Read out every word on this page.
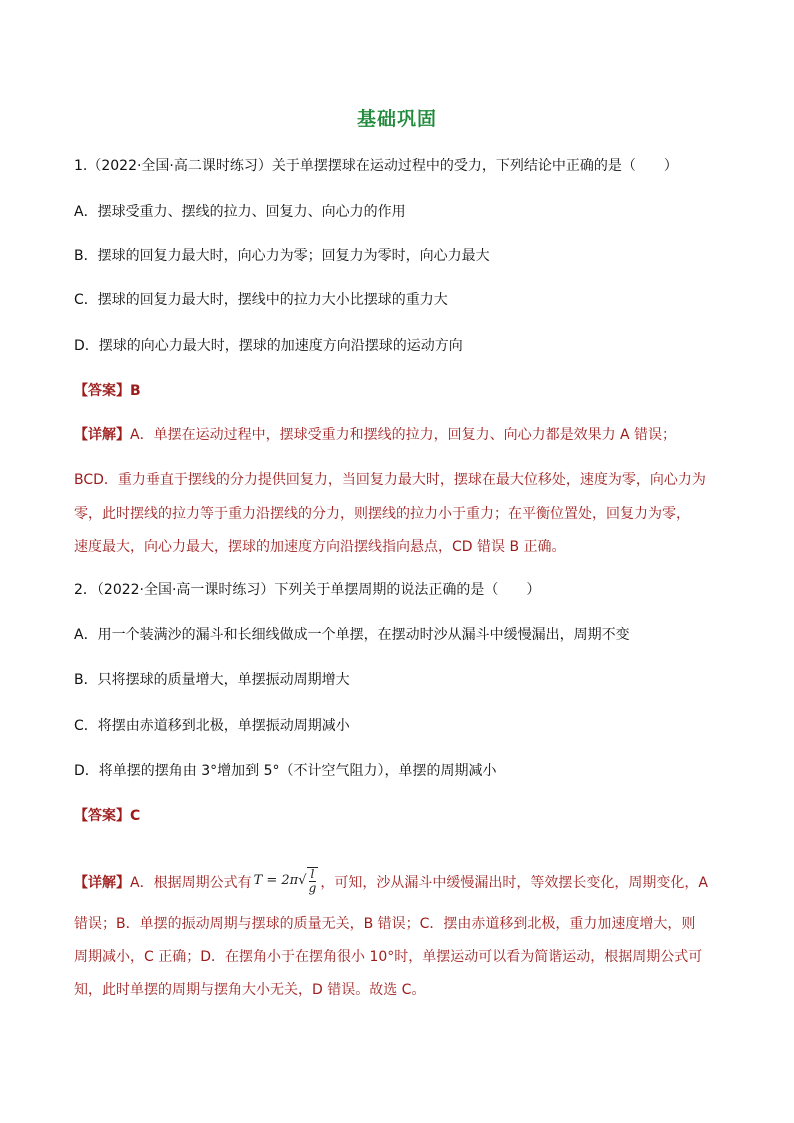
基础巩固
1.（2022·全国·高二课时练习）关于单摆摆球在运动过程中的受力，下列结论中正确的是（　　）
A．摆球受重力、摆线的拉力、回复力、向心力的作用
B．摆球的回复力最大时，向心力为零；回复力为零时，向心力最大
C．摆球的回复力最大时，摆线中的拉力大小比摆球的重力大
D．摆球的向心力最大时，摆球的加速度方向沿摆球的运动方向
【答案】B
【详解】A．单摆在运动过程中，摆球受重力和摆线的拉力，回复力、向心力都是效果力 A 错误；
BCD．重力垂直于摆线的分力提供回复力，当回复力最大时，摆球在最大位移处，速度为零，向心力为
零，此时摆线的拉力等于重力沿摆线的分力，则摆线的拉力小于重力；在平衡位置处，回复力为零，
速度最大，向心力最大，摆球的加速度方向沿摆线指向悬点，CD 错误 B 正确。
2．（2022·全国·高一课时练习）下列关于单摆周期的说法正确的是（　　）
A．用一个装满沙的漏斗和长细线做成一个单摆，在摆动时沙从漏斗中缓慢漏出，周期不变
B．只将摆球的质量增大，单摆振动周期增大
C．将摆由赤道移到北极，单摆振动周期减小
D．将单摆的摆角由 3°增加到 5°（不计空气阻力），单摆的周期减小
【答案】C
【详解】A．根据周期公式有 $T = 2\pi√ \frac{l}{g}$ ，可知，沙从漏斗中缓慢漏出时，等效摆长变化，周期变化，A
错误；B．单摆的振动周期与摆球的质量无关，B 错误；C．摆由赤道移到北极，重力加速度增大，则
周期减小，C 正确；D．在摆角小于在摆角很小 10°时，单摆运动可以看为简谐运动，根据周期公式可
知，此时单摆的周期与摆角大小无关，D 错误。故选 C。
